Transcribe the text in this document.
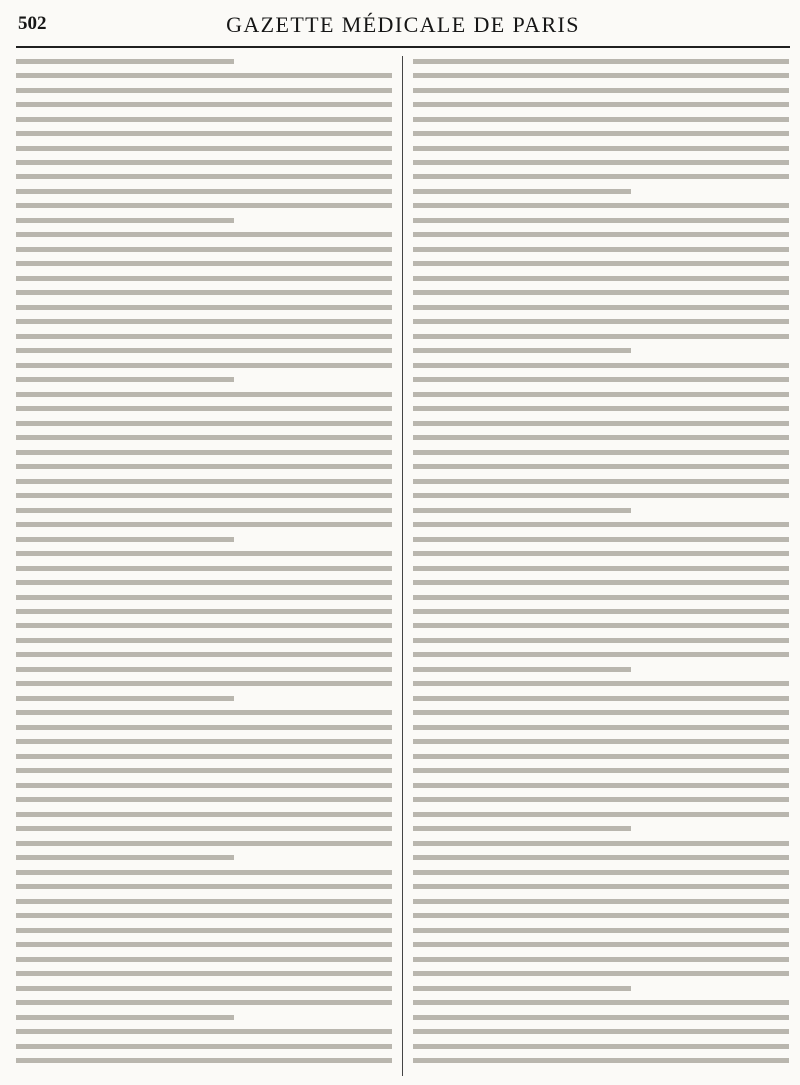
502	GAZETTE MÉDICALE DE PARIS
